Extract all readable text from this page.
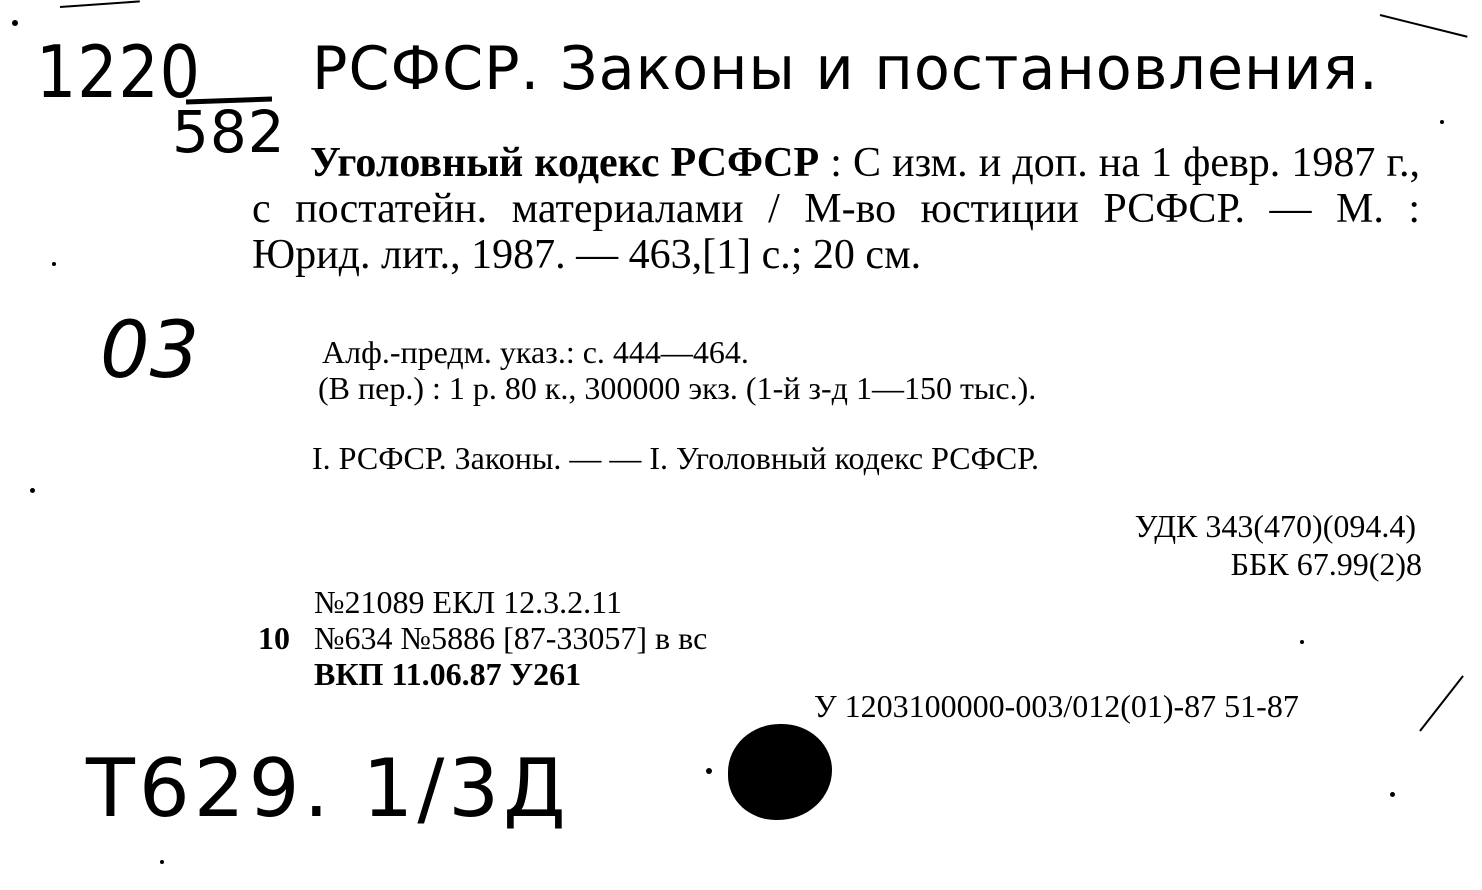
1220
582
РСФСР. Законы и постановления.
03
Т629. 1/3Д
Уголовный кодекс РСФСР : С изм. и доп. на 1 февр. 1987 г., с постатейн. материалами / М-во юстиции РСФСР. — М. : Юрид. лит., 1987. — 463,[1] с.; 20 см.
Алф.-предм. указ.: с. 444—464.
(В пер.) : 1 р. 80 к., 300000 экз. (1-й з-д 1—150 тыс.).
I. РСФСР. Законы. — — I. Уголовный кодекс РСФСР.
УДК 343(470)(094.4)
ББК 67.99(2)8
№21089 ЕКЛ 12.3.2.11
10 №634 №5886 [87-33057] в вс
ВКП 11.06.87 У261
У 1203100000-003/012(01)-87 51-87
